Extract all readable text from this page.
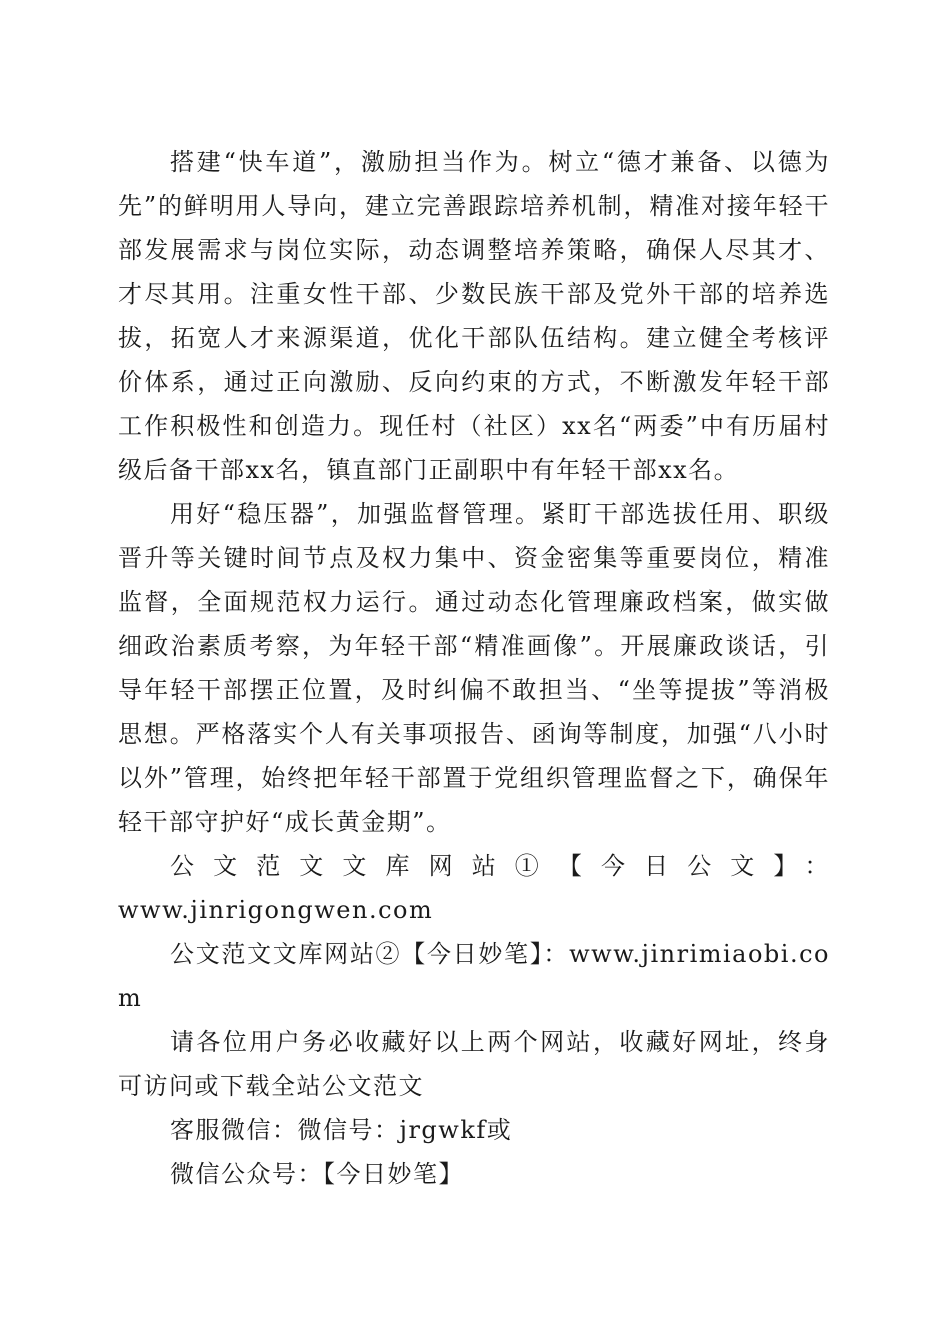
搭建“快车道”，激励担当作为。树立“德才兼备、以德为先”的鲜明用人导向，建立完善跟踪培养机制，精准对接年轻干部发展需求与岗位实际，动态调整培养策略，确保人尽其才、才尽其用。注重女性干部、少数民族干部及党外干部的培养选拔，拓宽人才来源渠道，优化干部队伍结构。建立健全考核评价体系，通过正向激励、反向约束的方式，不断激发年轻干部工作积极性和创造力。现任村（社区）xx名“两委”中有历届村级后备干部xx名，镇直部门正副职中有年轻干部xx名。

用好“稳压器”，加强监督管理。紧盯干部选拔任用、职级晋升等关键时间节点及权力集中、资金密集等重要岗位，精准监督，全面规范权力运行。通过动态化管理廉政档案，做实做细政治素质考察，为年轻干部“精准画像”。开展廉政谈话，引导年轻干部摆正位置，及时纠偏不敢担当、“坐等提拔”等消极思想。严格落实个人有关事项报告、函询等制度，加强“八小时以外”管理，始终把年轻干部置于党组织管理监督之下，确保年轻干部守护好“成长黄金期”。

公文范文文库网站①【今日公文】：
www.jinrigongwen.com

公文范文文库网站②【今日妙笔】：www.jinrimiaobi.com

请各位用户务必收藏好以上两个网站，收藏好网址，终身可访问或下载全站公文范文

客服微信：微信号：jrgwkf或

微信公众号：【今日妙笔】
